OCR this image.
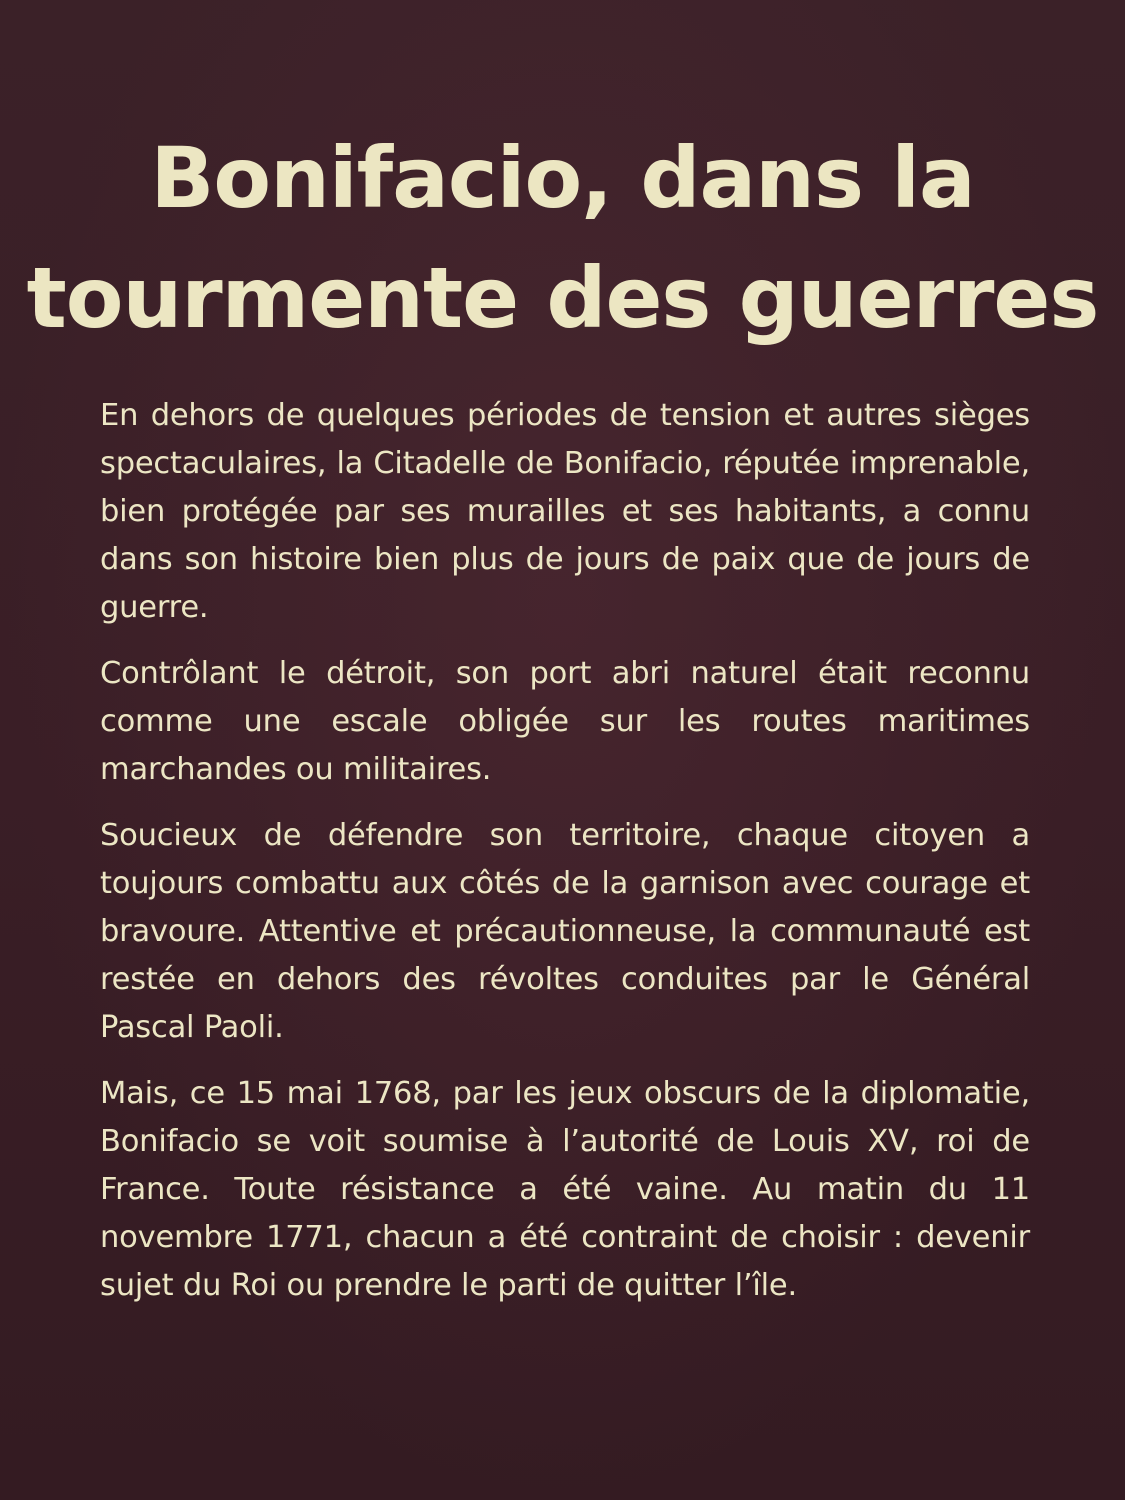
Bonifacio, dans la
tourmente des guerres

En dehors de quelques périodes de tension et autres sièges spectaculaires, la Citadelle de Bonifacio, réputée imprenable, bien protégée par ses murailles et ses habitants, a connu dans son histoire bien plus de jours de paix que de jours de guerre.

Contrôlant le détroit, son port abri naturel était reconnu comme une escale obligée sur les routes maritimes marchandes ou militaires.

Soucieux de défendre son territoire, chaque citoyen a toujours combattu aux côtés de la garnison avec courage et bravoure. Attentive et précautionneuse, la communauté est restée en dehors des révoltes conduites par le Général Pascal Paoli.

Mais, ce 15 mai 1768, par les jeux obscurs de la diplomatie, Bonifacio se voit soumise à l’autorité de Louis XV, roi de France. Toute résistance a été vaine. Au matin du 11 novembre 1771, chacun a été contraint de choisir : devenir sujet du Roi ou prendre le parti de quitter l’île.
